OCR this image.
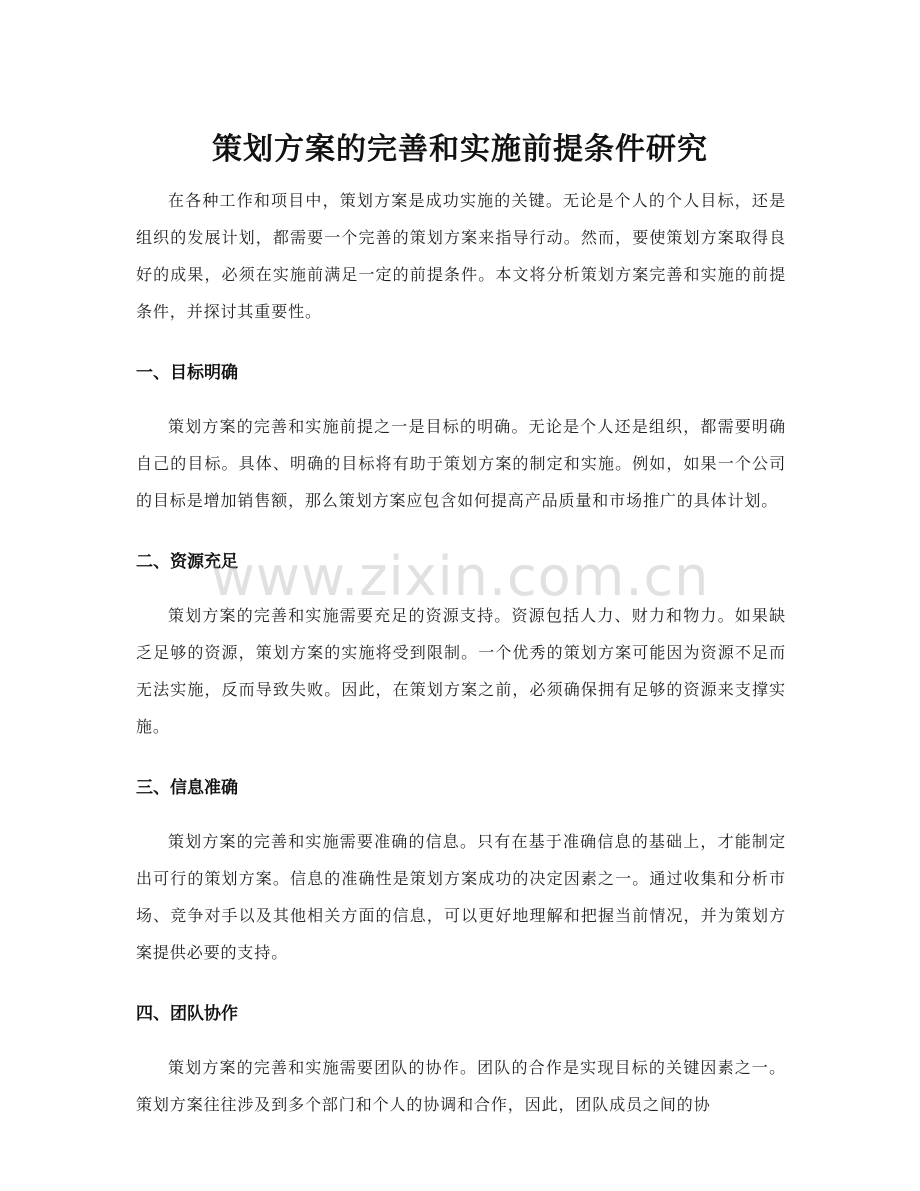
策划方案的完善和实施前提条件研究

在各种工作和项目中，策划方案是成功实施的关键。无论是个人的个人目标，还是组织的发展计划，都需要一个完善的策划方案来指导行动。然而，要使策划方案取得良好的成果，必须在实施前满足一定的前提条件。本文将分析策划方案完善和实施的前提条件，并探讨其重要性。

一、目标明确

策划方案的完善和实施前提之一是目标的明确。无论是个人还是组织，都需要明确自己的目标。具体、明确的目标将有助于策划方案的制定和实施。例如，如果一个公司的目标是增加销售额，那么策划方案应包含如何提高产品质量和市场推广的具体计划。

二、资源充足

策划方案的完善和实施需要充足的资源支持。资源包括人力、财力和物力。如果缺乏足够的资源，策划方案的实施将受到限制。一个优秀的策划方案可能因为资源不足而无法实施，反而导致失败。因此，在策划方案之前，必须确保拥有足够的资源来支撑实施。

三、信息准确

策划方案的完善和实施需要准确的信息。只有在基于准确信息的基础上，才能制定出可行的策划方案。信息的准确性是策划方案成功的决定因素之一。通过收集和分析市场、竞争对手以及其他相关方面的信息，可以更好地理解和把握当前情况，并为策划方案提供必要的支持。

四、团队协作

策划方案的完善和实施需要团队的协作。团队的合作是实现目标的关键因素之一。策划方案往往涉及到多个部门和个人的协调和合作，因此，团队成员之间的协

www.zixin.com.cn
